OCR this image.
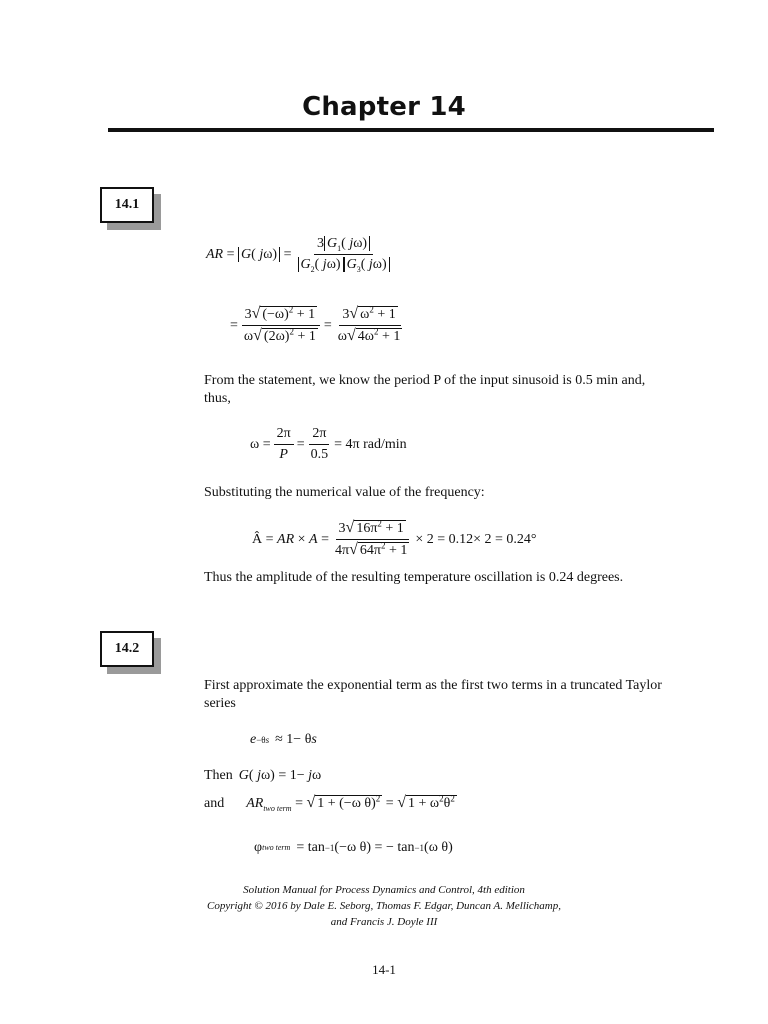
Chapter 14
14.1
AR = G( $j\omega) = \frac{3 G_1( j\omega)}{G_2( j\omega) G_3( j\omega)}$
= $\frac{3 √ (-\omega)^2 + 1}{\omega √ (2\omega)^2 + 1} = \frac{3 √ \omega^2 + 1}{\omega √ 4\omega^2 + 1}$
From the statement, we know the period P of the input sinusoid is 0.5 min and, thus,
$\omega = \frac{2\pi}{P} = \frac{2\pi}{0.5} = 4\pi$ rad/min
Substituting the numerical value of the frequency:
Â = AR × $A = \frac{3 √ 16\pi^2 + 1}{4\pi √ 64\pi^2 + 1} \times 2 = 0.12\times 2 = 0.24^\circ$
Thus the amplitude of the resulting temperature oscillation is 0.24 degrees.
14.2
First approximate the exponential term as the first two terms in a truncated Taylor series
e −θs ≈ 1− θ s
Then G( jω) = 1− jω
and $AR_{two term}$ = √ 1 + (−ω θ)$^2$ = √ $1 + \omega^2\theta^2$
φ two term = tan −1 (−ω θ) = − tan −1 (ω θ)
Solution Manual for Process Dynamics and Control, 4th edition
Copyright © 2016 by Dale E. Seborg, Thomas F. Edgar, Duncan A. Mellichamp,
and Francis J. Doyle III
14-1
